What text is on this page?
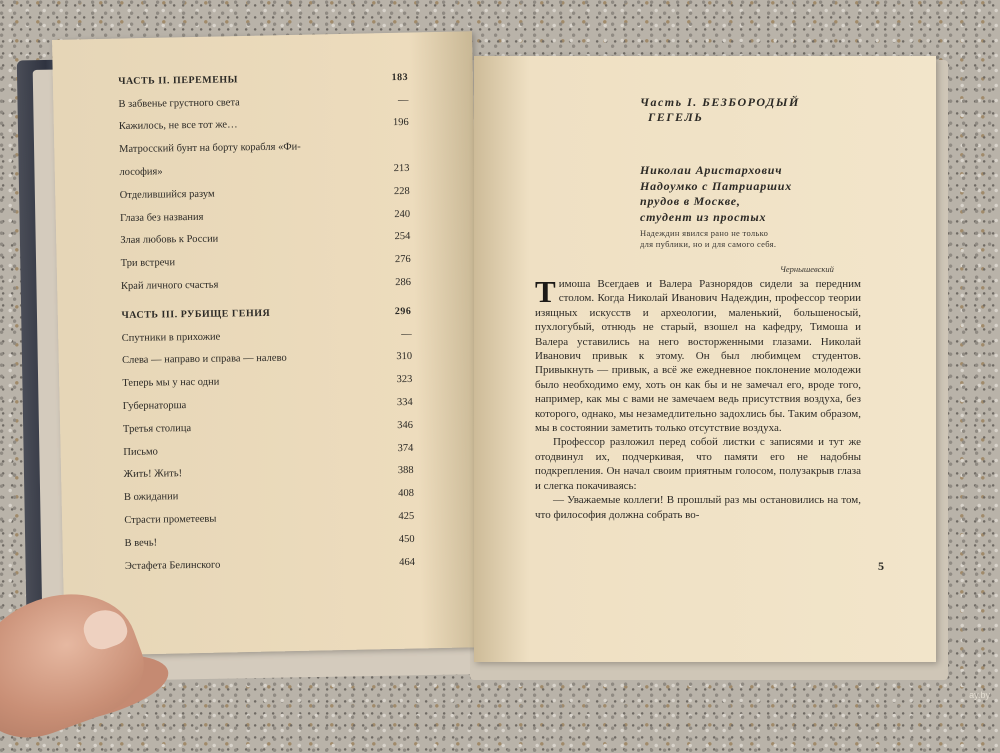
ЧАСТЬ II. ПЕРЕМЕНЫ	183
В забвенье грустного света	—
Кажилось, не все тот же…	196
Матросский бунт на борту корабля «Фи-
лософия»	213
Отделившийся разум	228
Глаза без названия	240
Злая любовь к России	254
Три встречи	276
Край личного счастья	286
ЧАСТЬ III. РУБИЩЕ ГЕНИЯ	296
Спутники в прихожие	—
Слева — направо и справа — налево	310
Теперь мы у нас одни	323
Губернаторша	334
Третья столица	346
Письмо	374
Жить! Жить!	388
В ожидании	408
Страсти прометеевы	425
В вечь!	450
Эстафета Белинского	464
Часть I. БЕЗБОРОДЫЙ
ГЕГЕЛЬ
Николаи Аристархович
Надоумко с Патриарших
прудов в Москве,
студент из простых
Надеждин явился рано не только
для публики, но и для самого себя.
Чернышевский

Тимоша Всегдаев и Валера Разнорядов сидели за передним столом. Когда Николай Иванович Надеждин, профессор теории изящных искусств и археологии, маленький, большеносый, пухлогубый, отнюдь не старый, взошел на кафедру, Тимоша и Валера уставились на него восторженными глазами. Николай Иванович привык к этому. Он был любимцем студентов. Привыкнуть — привык, а всё же ежедневное поклонение молодежи было необходимо ему, хоть он как бы и не замечал его, вроде того, например, как мы с вами не замечаем ведь присутствия воздуха, без которого, однако, мы незамедлительно задохлись бы. Таким образом, мы в состоянии заметить только отсутствие воздуха.

Профессор разложил перед собой листки с записями и тут же отодвинул их, подчеркивая, что памяти его не надобны подкрепления. Он начал своим приятным голосом, полузакрыв глаза и слегка покачиваясь:

— Уважаемые коллеги! В прошлый раз мы остановились на том, что философия должна собрать во-

5
ay.by
